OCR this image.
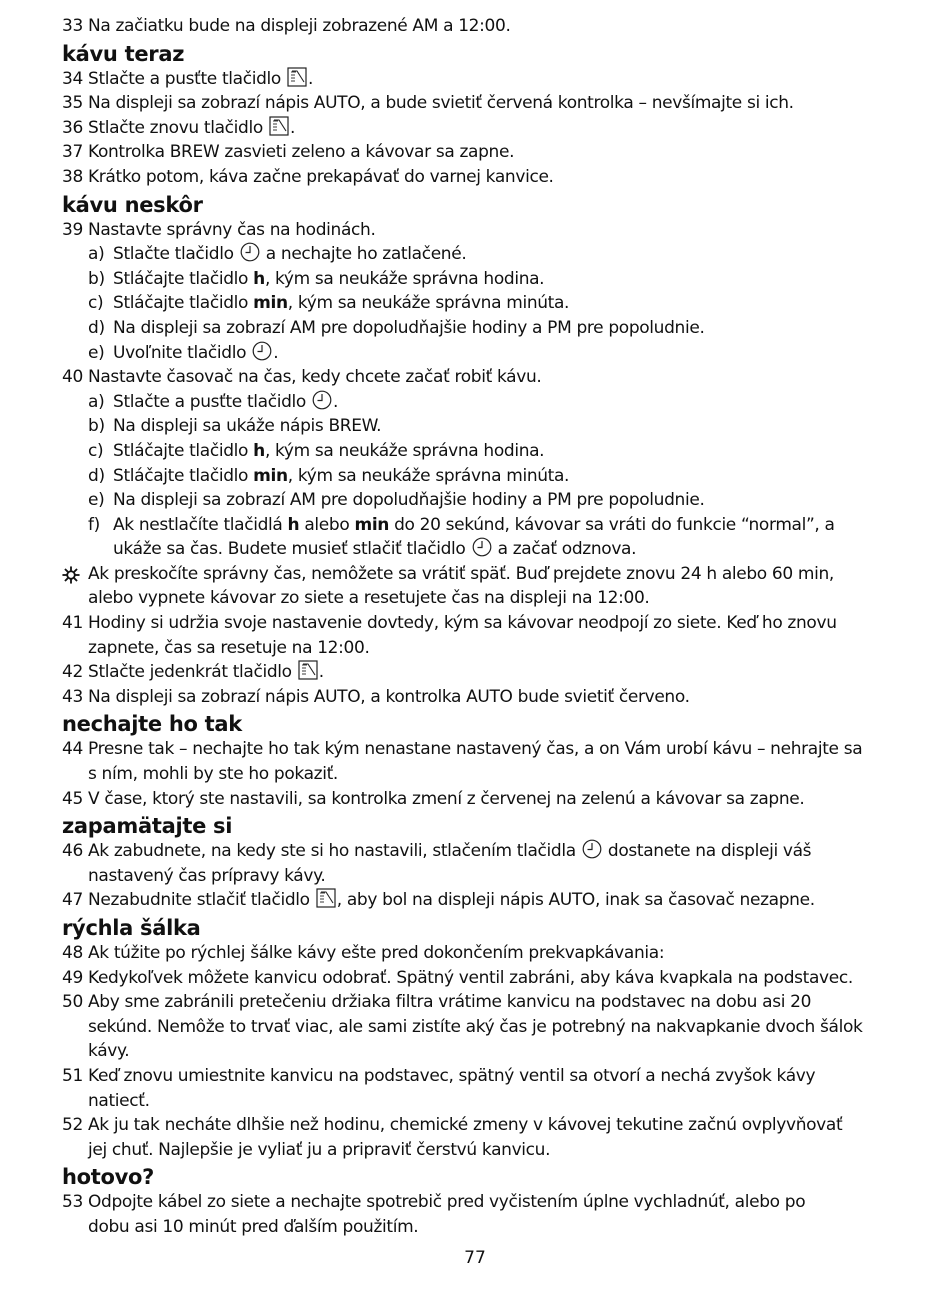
33 Na začiatku bude na displeji zobrazené AM a 12:00.
kávu teraz
34 Stlačte a pusťte tlačidlo .
35 Na displeji sa zobrazí nápis AUTO, a bude svietiť červená kontrolka – nevšímajte si ich.
36 Stlačte znovu tlačidlo .
37 Kontrolka BREW zasvieti zeleno a kávovar sa zapne.
38 Krátko potom, káva začne prekapávať do varnej kanvice.
kávu neskôr
39 Nastavte správny čas na hodinách.
a) Stlačte tlačidlo  a nechajte ho zatlačené.
b) Stláčajte tlačidlo h, kým sa neukáže správna hodina.
c) Stláčajte tlačidlo min, kým sa neukáže správna minúta.
d) Na displeji sa zobrazí AM pre dopoludňajšie hodiny a PM pre popoludnie.
e) Uvoľnite tlačidlo .
40 Nastavte časovač na čas, kedy chcete začať robiť kávu.
a) Stlačte a pusťte tlačidlo .
b) Na displeji sa ukáže nápis BREW.
c) Stláčajte tlačidlo h, kým sa neukáže správna hodina.
d) Stláčajte tlačidlo min, kým sa neukáže správna minúta.
e) Na displeji sa zobrazí AM pre dopoludňajšie hodiny a PM pre popoludnie.
f) Ak nestlačíte tlačidlá h alebo min do 20 sekúnd, kávovar sa vráti do funkcie “normal”, a
ukáže sa čas. Budete musieť stlačiť tlačidlo  a začať odznova.
Ak preskočíte správny čas, nemôžete sa vrátiť späť. Buď prejdete znovu 24 h alebo 60 min,
alebo vypnete kávovar zo siete a resetujete čas na displeji na 12:00.
41 Hodiny si udržia svoje nastavenie dovtedy, kým sa kávovar neodpojí zo siete. Keď ho znovu
zapnete, čas sa resetuje na 12:00.
42 Stlačte jedenkrát tlačidlo .
43 Na displeji sa zobrazí nápis AUTO, a kontrolka AUTO bude svietiť červeno.
nechajte ho tak
44 Presne tak – nechajte ho tak kým nenastane nastavený čas, a on Vám urobí kávu – nehrajte sa
s ním, mohli by ste ho pokaziť.
45 V čase, ktorý ste nastavili, sa kontrolka zmení z červenej na zelenú a kávovar sa zapne.
zapamätajte si
46 Ak zabudnete, na kedy ste si ho nastavili, stlačením tlačidla  dostanete na displeji váš
nastavený čas prípravy kávy.
47 Nezabudnite stlačiť tlačidlo , aby bol na displeji nápis AUTO, inak sa časovač nezapne.
rýchla šálka
48 Ak túžite po rýchlej šálke kávy ešte pred dokončením prekvapkávania:
49 Kedykoľvek môžete kanvicu odobrať. Spätný ventil zabráni, aby káva kvapkala na podstavec.
50 Aby sme zabránili pretečeniu držiaka filtra vrátime kanvicu na podstavec na dobu asi 20
sekúnd. Nemôže to trvať viac, ale sami zistíte aký čas je potrebný na nakvapkanie dvoch šálok
kávy.
51 Keď znovu umiestnite kanvicu na podstavec, spätný ventil sa otvorí a nechá zvyšok kávy
natiecť.
52 Ak ju tak necháte dlhšie než hodinu, chemické zmeny v kávovej tekutine začnú ovplyvňovať
jej chuť. Najlepšie je vyliať ju a pripraviť čerstvú kanvicu.
hotovo?
53 Odpojte kábel zo siete a nechajte spotrebič pred vyčistením úplne vychladnúť, alebo po
dobu asi 10 minút pred ďalším použitím.
77
